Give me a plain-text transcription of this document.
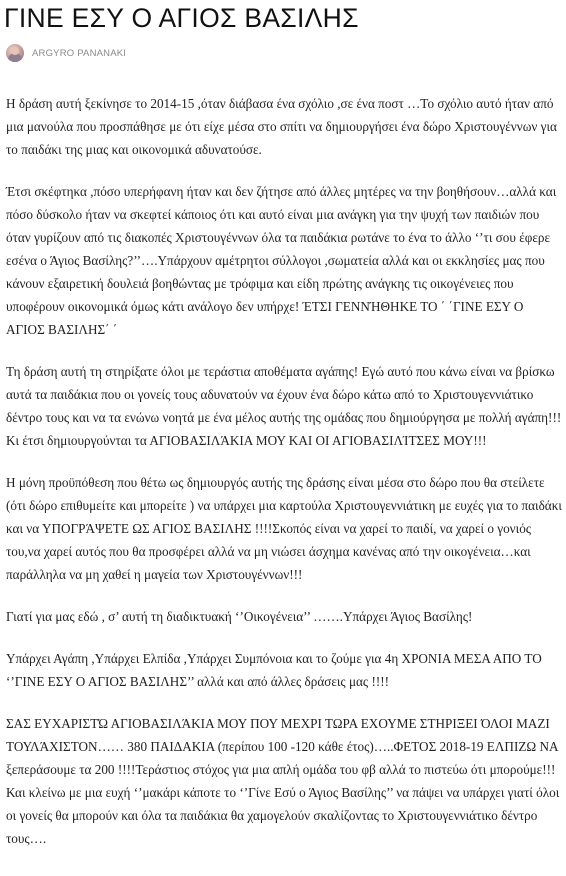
ΓΙΝΕ ΕΣΥ Ο ΑΓΙΟΣ ΒΑΣΙΛΗΣ
ARGYRO PANANAKI

Η δράση αυτή ξεκίνησε το 2014-15 ,όταν διάβασα ένα σχόλιο ,σε ένα ποστ …Το σχόλιο αυτό ήταν από μια μανούλα που προσπάθησε με ότι είχε μέσα στο σπίτι να δημιουργήσει ένα δώρο Χριστουγέννων για το παιδάκι της μιας και οικονομικά αδυνατούσε.

Έτσι σκέφτηκα ,πόσο υπερήφανη ήταν και δεν ζήτησε από άλλες μητέρες να την βοηθήσουν…αλλά και πόσο δύσκολο ήταν να σκεφτεί κάποιος ότι και αυτό είναι μια ανάγκη για την ψυχή των παιδιών που όταν γυρίζουν από τις διακοπές Χριστουγέννων όλα τα παιδάκια ρωτάνε το ένα το άλλο ‘’τι σου έφερε εσένα ο Άγιος Βασίλης?’’….Υπάρχουν αμέτρητοι σύλλογοι ,σωματεία αλλά και οι εκκλησίες μας που κάνουν εξαιρετική δουλειά βοηθώντας με τρόφιμα και είδη πρώτης ανάγκης τις οικογένειες που υποφέρουν οικονομικά όμως κάτι ανάλογο δεν υπήρχε! ΈΤΣΙ ΓΕΝΝΉΘΗΚΕ ΤΟ ΄ ΄ΓΙΝΕ ΕΣΥ Ο ΑΓΙΟΣ ΒΑΣΙΛΗΣ΄ ΄

Τη δράση αυτή τη στηρίξατε όλοι με τεράστια αποθέματα αγάπης! Εγώ αυτό που κάνω είναι να βρίσκω αυτά τα παιδάκια που οι γονείς τους αδυνατούν να έχουν ένα δώρο κάτω από το Χριστουγεννιάτικο δέντρο τους και να τα ενώνω νοητά με ένα μέλος αυτής της ομάδας που δημιούργησα με πολλή αγάπη!!! Κι έτσι δημιουργούνται τα ΑΓΙΟΒΑΣΙΛΆΚΙΑ ΜΟΥ ΚΑΙ ΟΙ ΑΓΙΟΒΑΣΙΛΊΤΣΕΣ ΜΟΥ!!!

Η μόνη προϋπόθεση που θέτω ως δημιουργός αυτής της δράσης είναι μέσα στο δώρο που θα στείλετε (ότι δώρο επιθυμείτε και μπορείτε ) να υπάρχει μια καρτούλα Χριστουγεννιάτικη με ευχές για το παιδάκι και να ΥΠΟΓΡΆΨΕΤΕ ΩΣ ΑΓΙΟΣ ΒΑΣΙΛΗΣ !!!!Σκοπός είναι να χαρεί το παιδί, να χαρεί ο γονιός του,να χαρεί αυτός που θα προσφέρει αλλά να μη νιώσει άσχημα κανένας από την οικογένεια…και παράλληλα να μη χαθεί η μαγεία των Χριστουγέννων!!!

Γιατί για μας εδώ , σ’ αυτή τη διαδικτυακή ‘’Οικογένεια’’ …….Υπάρχει Άγιος Βασίλης!

Υπάρχει Αγάπη ,Υπάρχει Ελπίδα ,Υπάρχει Συμπόνοια και το ζούμε για 4η ΧΡΟΝΙΑ ΜΕΣΑ ΑΠΟ ΤΟ ‘’ΓΙΝΕ ΕΣΥ Ο ΑΓΙΟΣ ΒΑΣΙΛΗΣ’’ αλλά και από άλλες δράσεις μας !!!!

ΣΑΣ ΕΥΧΑΡΙΣΤΏ ΑΓΙΟΒΑΣΙΛΆΚΙΑ ΜΟΥ ΠΟΥ ΜΕΧΡΙ ΤΩΡΑ ΕΧΟΥΜΕ ΣΤΗΡΙΞΕΙ ΌΛΟΙ ΜΑΖΙ ΤΟΥΛΆΧΙΣΤΟΝ…… 380 ΠΑΙΔΑΚΙΑ (περίπου 100 -120 κάθε έτος)…..ΦΕΤΟΣ 2018-19 ΕΛΠΙΖΩ ΝΑ ξεπεράσουμε τα 200 !!!!Τεράστιος στόχος για μια απλή ομάδα του φβ αλλά το πιστεύω ότι μπορούμε!!! Και κλείνω με μια ευχή ‘’μακάρι κάποτε το ‘’Γίνε Εσύ ο Άγιος Βασίλης’’ να πάψει να υπάρχει γιατί όλοι οι γονείς θα μπορούν και όλα τα παιδάκια θα χαμογελούν σκαλίζοντας το Χριστουγεννιάτικο δέντρο τους….
